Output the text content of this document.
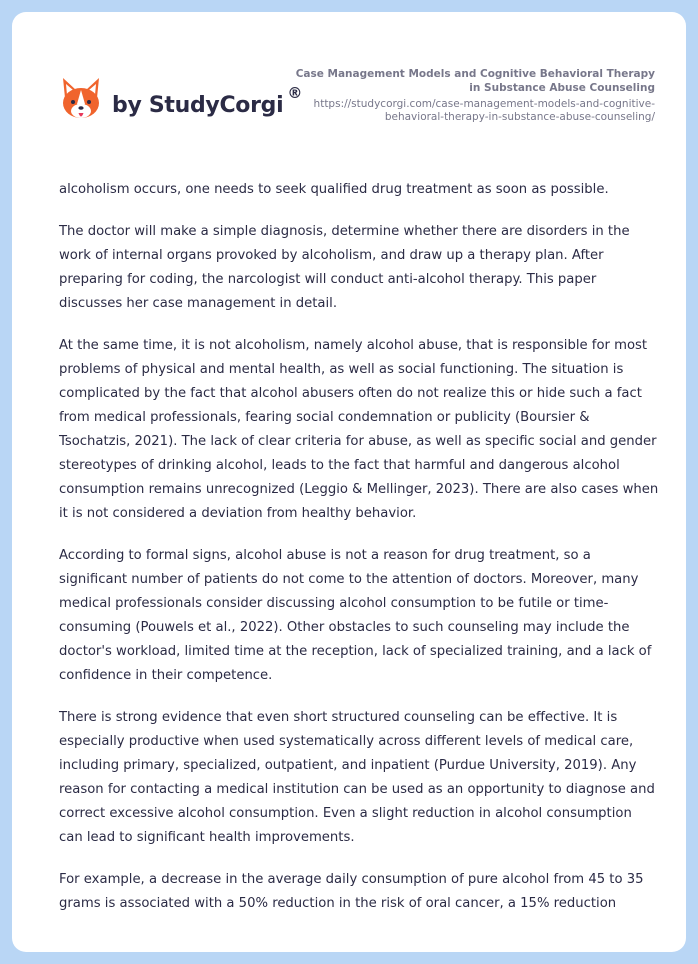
by StudyCorgi ®

Case Management Models and Cognitive Behavioral Therapy in Substance Abuse Counseling

https://studycorgi.com/case-management-models-and-cognitive-behavioral-therapy-in-substance-abuse-counseling/

alcoholism occurs, one needs to seek qualified drug treatment as soon as possible.

The doctor will make a simple diagnosis, determine whether there are disorders in the work of internal organs provoked by alcoholism, and draw up a therapy plan. After preparing for coding, the narcologist will conduct anti-alcohol therapy. This paper discusses her case management in detail.

At the same time, it is not alcoholism, namely alcohol abuse, that is responsible for most problems of physical and mental health, as well as social functioning. The situation is complicated by the fact that alcohol abusers often do not realize this or hide such a fact from medical professionals, fearing social condemnation or publicity (Boursier & Tsochatzis, 2021). The lack of clear criteria for abuse, as well as specific social and gender stereotypes of drinking alcohol, leads to the fact that harmful and dangerous alcohol consumption remains unrecognized (Leggio & Mellinger, 2023). There are also cases when it is not considered a deviation from healthy behavior.

According to formal signs, alcohol abuse is not a reason for drug treatment, so a significant number of patients do not come to the attention of doctors. Moreover, many medical professionals consider discussing alcohol consumption to be futile or time-consuming (Pouwels et al., 2022). Other obstacles to such counseling may include the doctor's workload, limited time at the reception, lack of specialized training, and a lack of confidence in their competence.

There is strong evidence that even short structured counseling can be effective. It is especially productive when used systematically across different levels of medical care, including primary, specialized, outpatient, and inpatient (Purdue University, 2019). Any reason for contacting a medical institution can be used as an opportunity to diagnose and correct excessive alcohol consumption. Even a slight reduction in alcohol consumption can lead to significant health improvements.

For example, a decrease in the average daily consumption of pure alcohol from 45 to 35 grams is associated with a 50% reduction in the risk of oral cancer, a 15% reduction
